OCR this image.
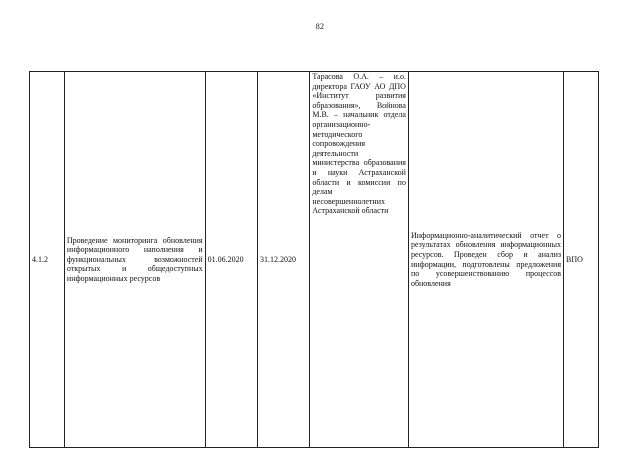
82
4.1.2	Проведение мониторинга обновления информационного наполнения и функциональных возможностей открытых и общедоступных информационных ресурсов	01.06.2020	31.12.2020	Тарасова О.А. – и.о. директора ГАОУ АО ДПО «Институт развития образования», Войнова М.В. – начальник отдела организационно-методического сопровождения деятельности министерства образования и науки Астраханской области и комиссии по делам несовершеннолетних Астраханской области	Информационно-аналитический отчет о результатах обновления информационных ресурсов. Проведен сбор и анализ информации, подготовлены предложения по усовершенствованию процессов обновления	ВПО
